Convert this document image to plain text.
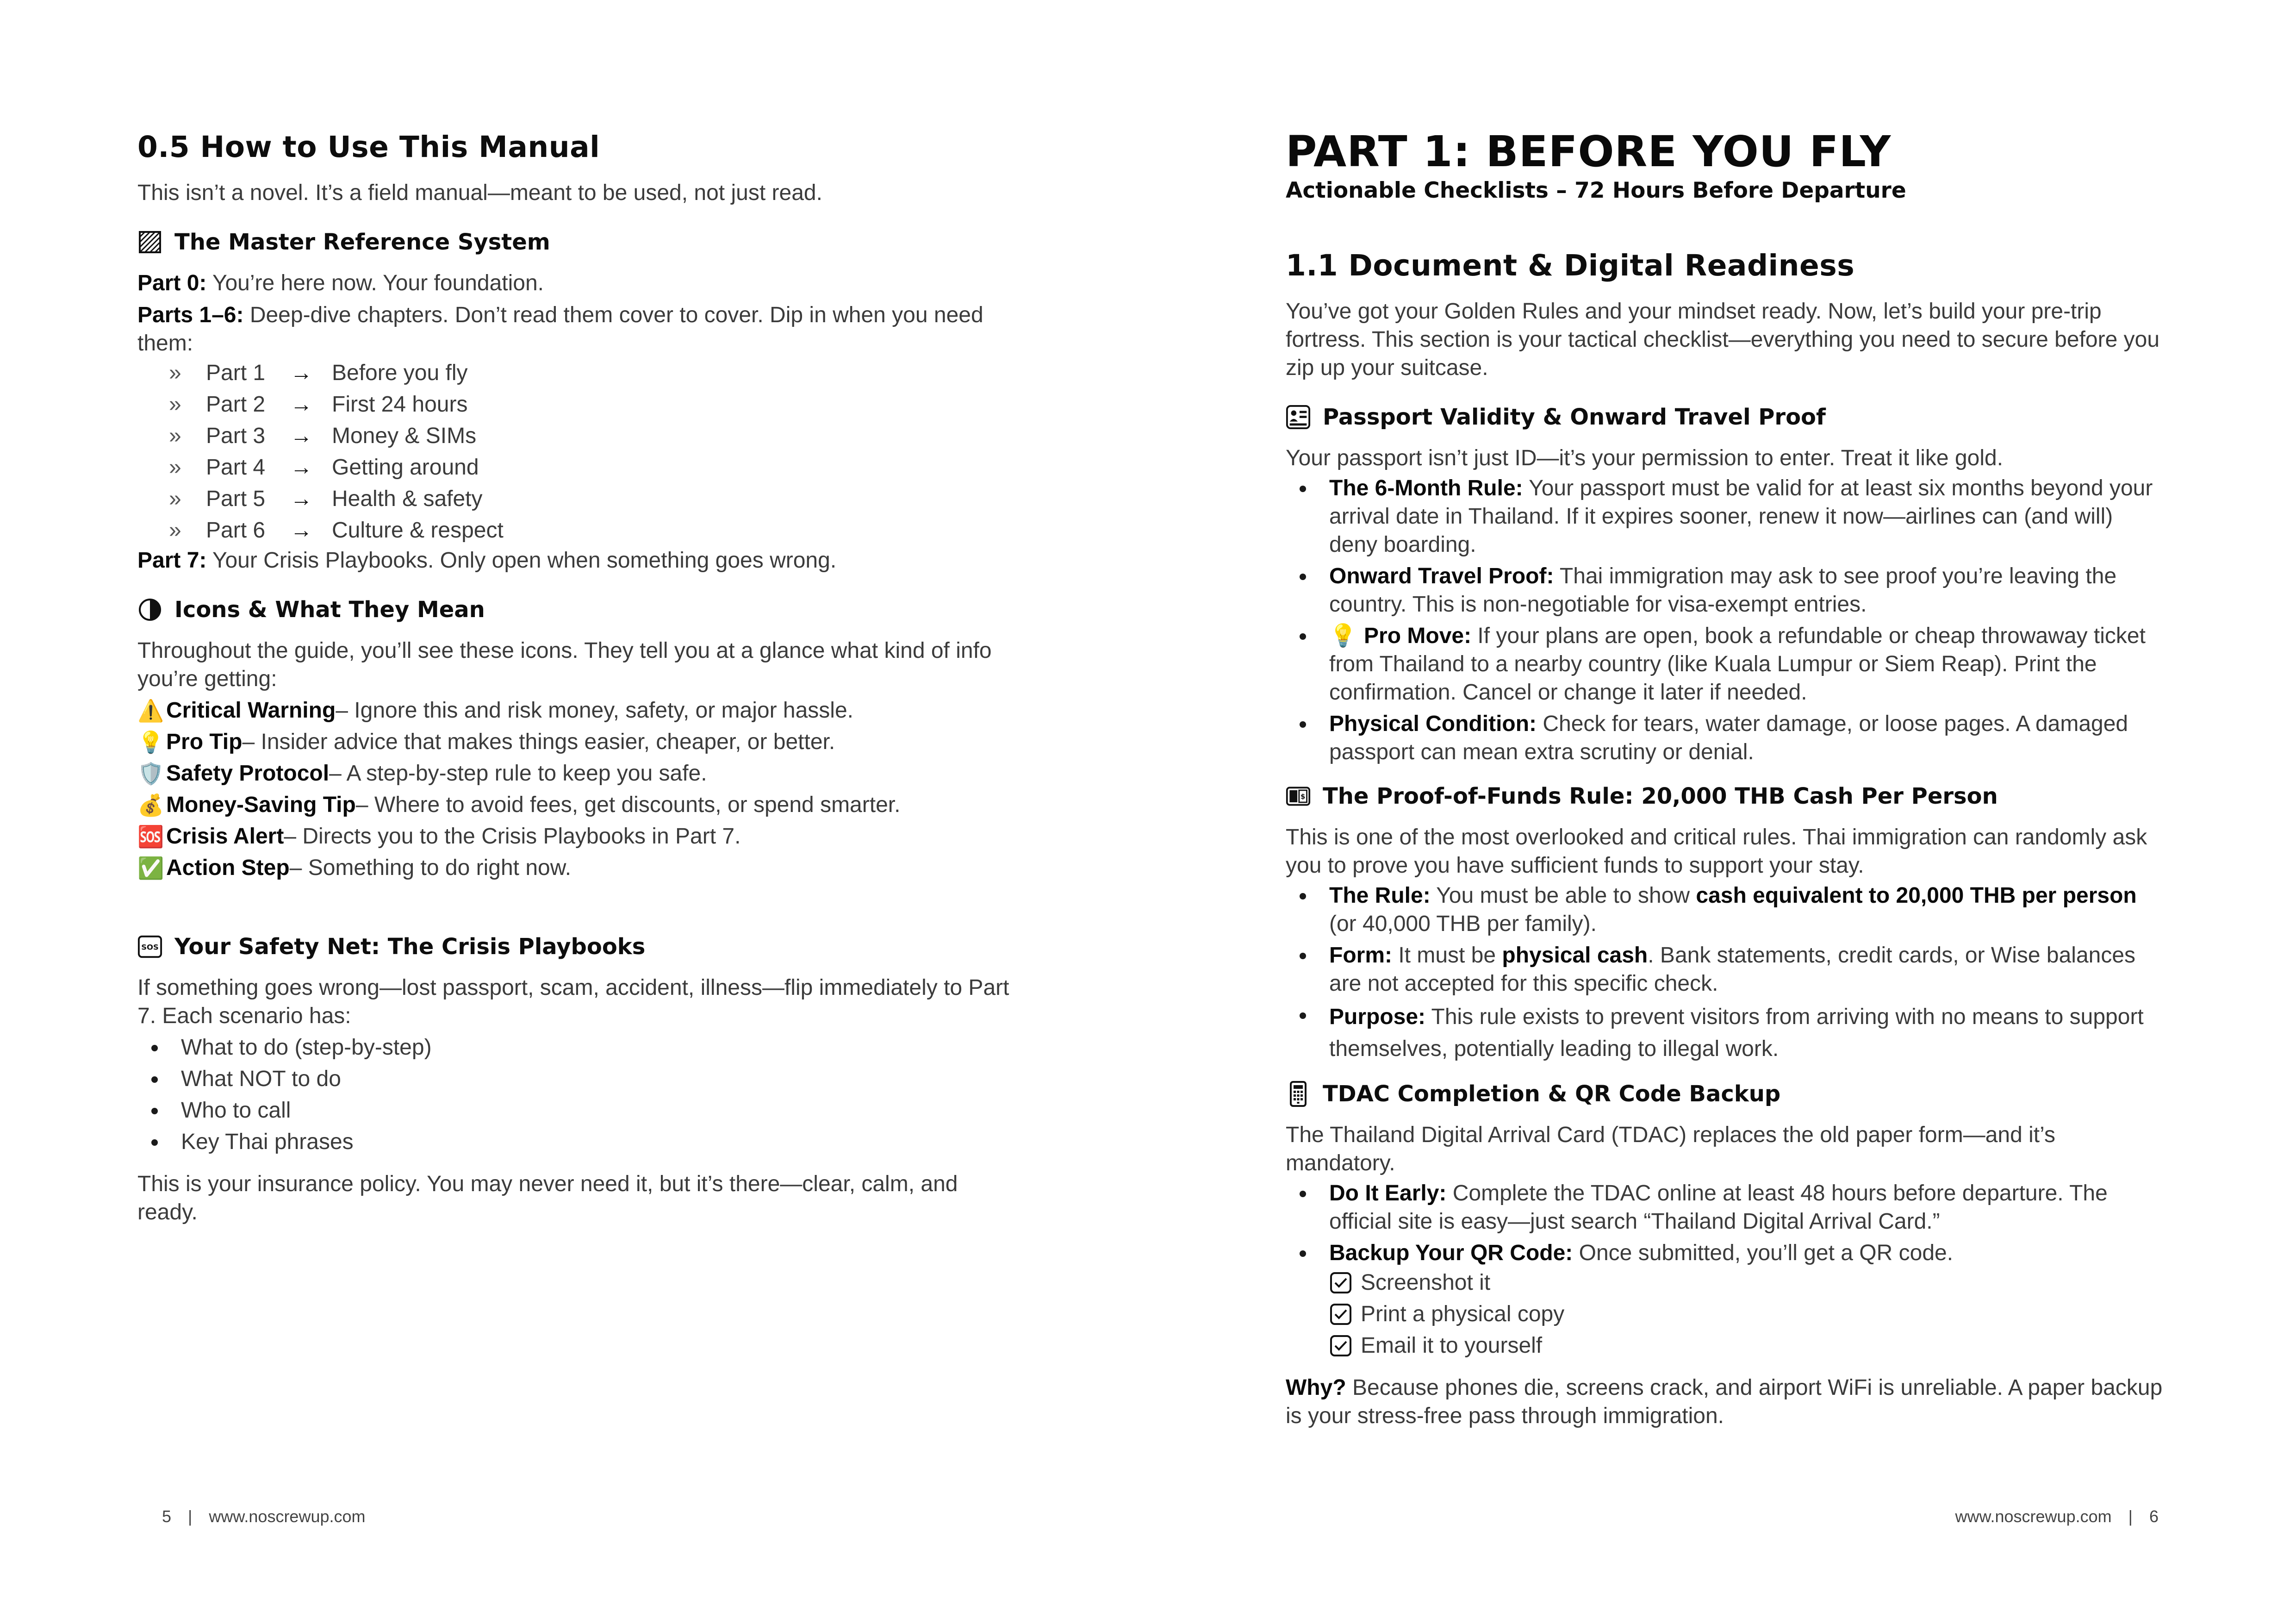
0.5 How to Use This Manual

This isn’t a novel. It’s a field manual—meant to be used, not just read.

The Master Reference System

Part 0: You’re here now. Your foundation.

Parts 1–6: Deep-dive chapters. Don’t read them cover to cover. Dip in when you need them:

»	Part 1	→ Before you fly
»	Part 2	→ First 24 hours
»	Part 3	→ Money & SIMs
»	Part 4	→ Getting around
»	Part 5	→ Health & safety
»	Part 6	→ Culture & respect

Part 7: Your Crisis Playbooks. Only open when something goes wrong.

Icons & What They Mean

Throughout the guide, you’ll see these icons. They tell you at a glance what kind of info you’re getting:

⚠️ Critical Warning – Ignore this and risk money, safety, or major hassle.
💡 Pro Tip – Insider advice that makes things easier, cheaper, or better.
🛡️ Safety Protocol – A step-by-step rule to keep you safe.
💰 Money-Saving Tip – Where to avoid fees, get discounts, or spend smarter.
🆘 Crisis Alert – Directs you to the Crisis Playbooks in Part 7.
✅ Action Step – Something to do right now.
SOS Your Safety Net: The Crisis Playbooks

If something goes wrong—lost passport, scam, accident, illness—flip immediately to Part 7. Each scenario has:

What to do (step-by-step)
What NOT to do
Who to call
Key Thai phrases

This is your insurance policy. You may never need it, but it’s there—clear, calm, and ready.

5 | www.noscrewup.com
PART 1: BEFORE YOU FLY
Actionable Checklists – 72 Hours Before Departure
1.1 Document & Digital Readiness

You’ve got your Golden Rules and your mindset ready. Now, let’s build your pre-trip fortress. This section is your tactical checklist—everything you need to secure before you zip up your suitcase.

Passport Validity & Onward Travel Proof

Your passport isn’t just ID—it’s your permission to enter. Treat it like gold.

The 6-Month Rule: Your passport must be valid for at least six months beyond your arrival date in Thailand. If it expires sooner, renew it now—airlines can (and will) deny boarding.
Onward Travel Proof: Thai immigration may ask to see proof you’re leaving the country. This is non-negotiable for visa-exempt entries.
💡 Pro Move: If your plans are open, book a refundable or cheap throwaway ticket from Thailand to a nearby country (like Kuala Lumpur or Siem Reap). Print the confirmation. Cancel or change it later if needed.
Physical Condition: Check for tears, water damage, or loose pages. A damaged passport can mean extra scrutiny or denial.
$ The Proof-of-Funds Rule: 20,000 THB Cash Per Person

This is one of the most overlooked and critical rules. Thai immigration can randomly ask you to prove you have sufficient funds to support your stay.

The Rule: You must be able to show cash equivalent to 20,000 THB per person (or 40,000 THB per family).
Form: It must be physical cash. Bank statements, credit cards, or Wise balances are not accepted for this specific check.
Purpose: This rule exists to prevent visitors from arriving with no means to support themselves, potentially leading to illegal work.
TDAC Completion & QR Code Backup

The Thailand Digital Arrival Card (TDAC) replaces the old paper form—and it’s mandatory.

Do It Early: Complete the TDAC online at least 48 hours before departure. The official site is easy—just search “Thailand Digital Arrival Card.”
Backup Your QR Code: Once submitted, you’ll get a QR code.
Screenshot it
Print a physical copy
Email it to yourself

Why? Because phones die, screens crack, and airport WiFi is unreliable. A paper backup is your stress-free pass through immigration.

www.noscrewup.com | 6
